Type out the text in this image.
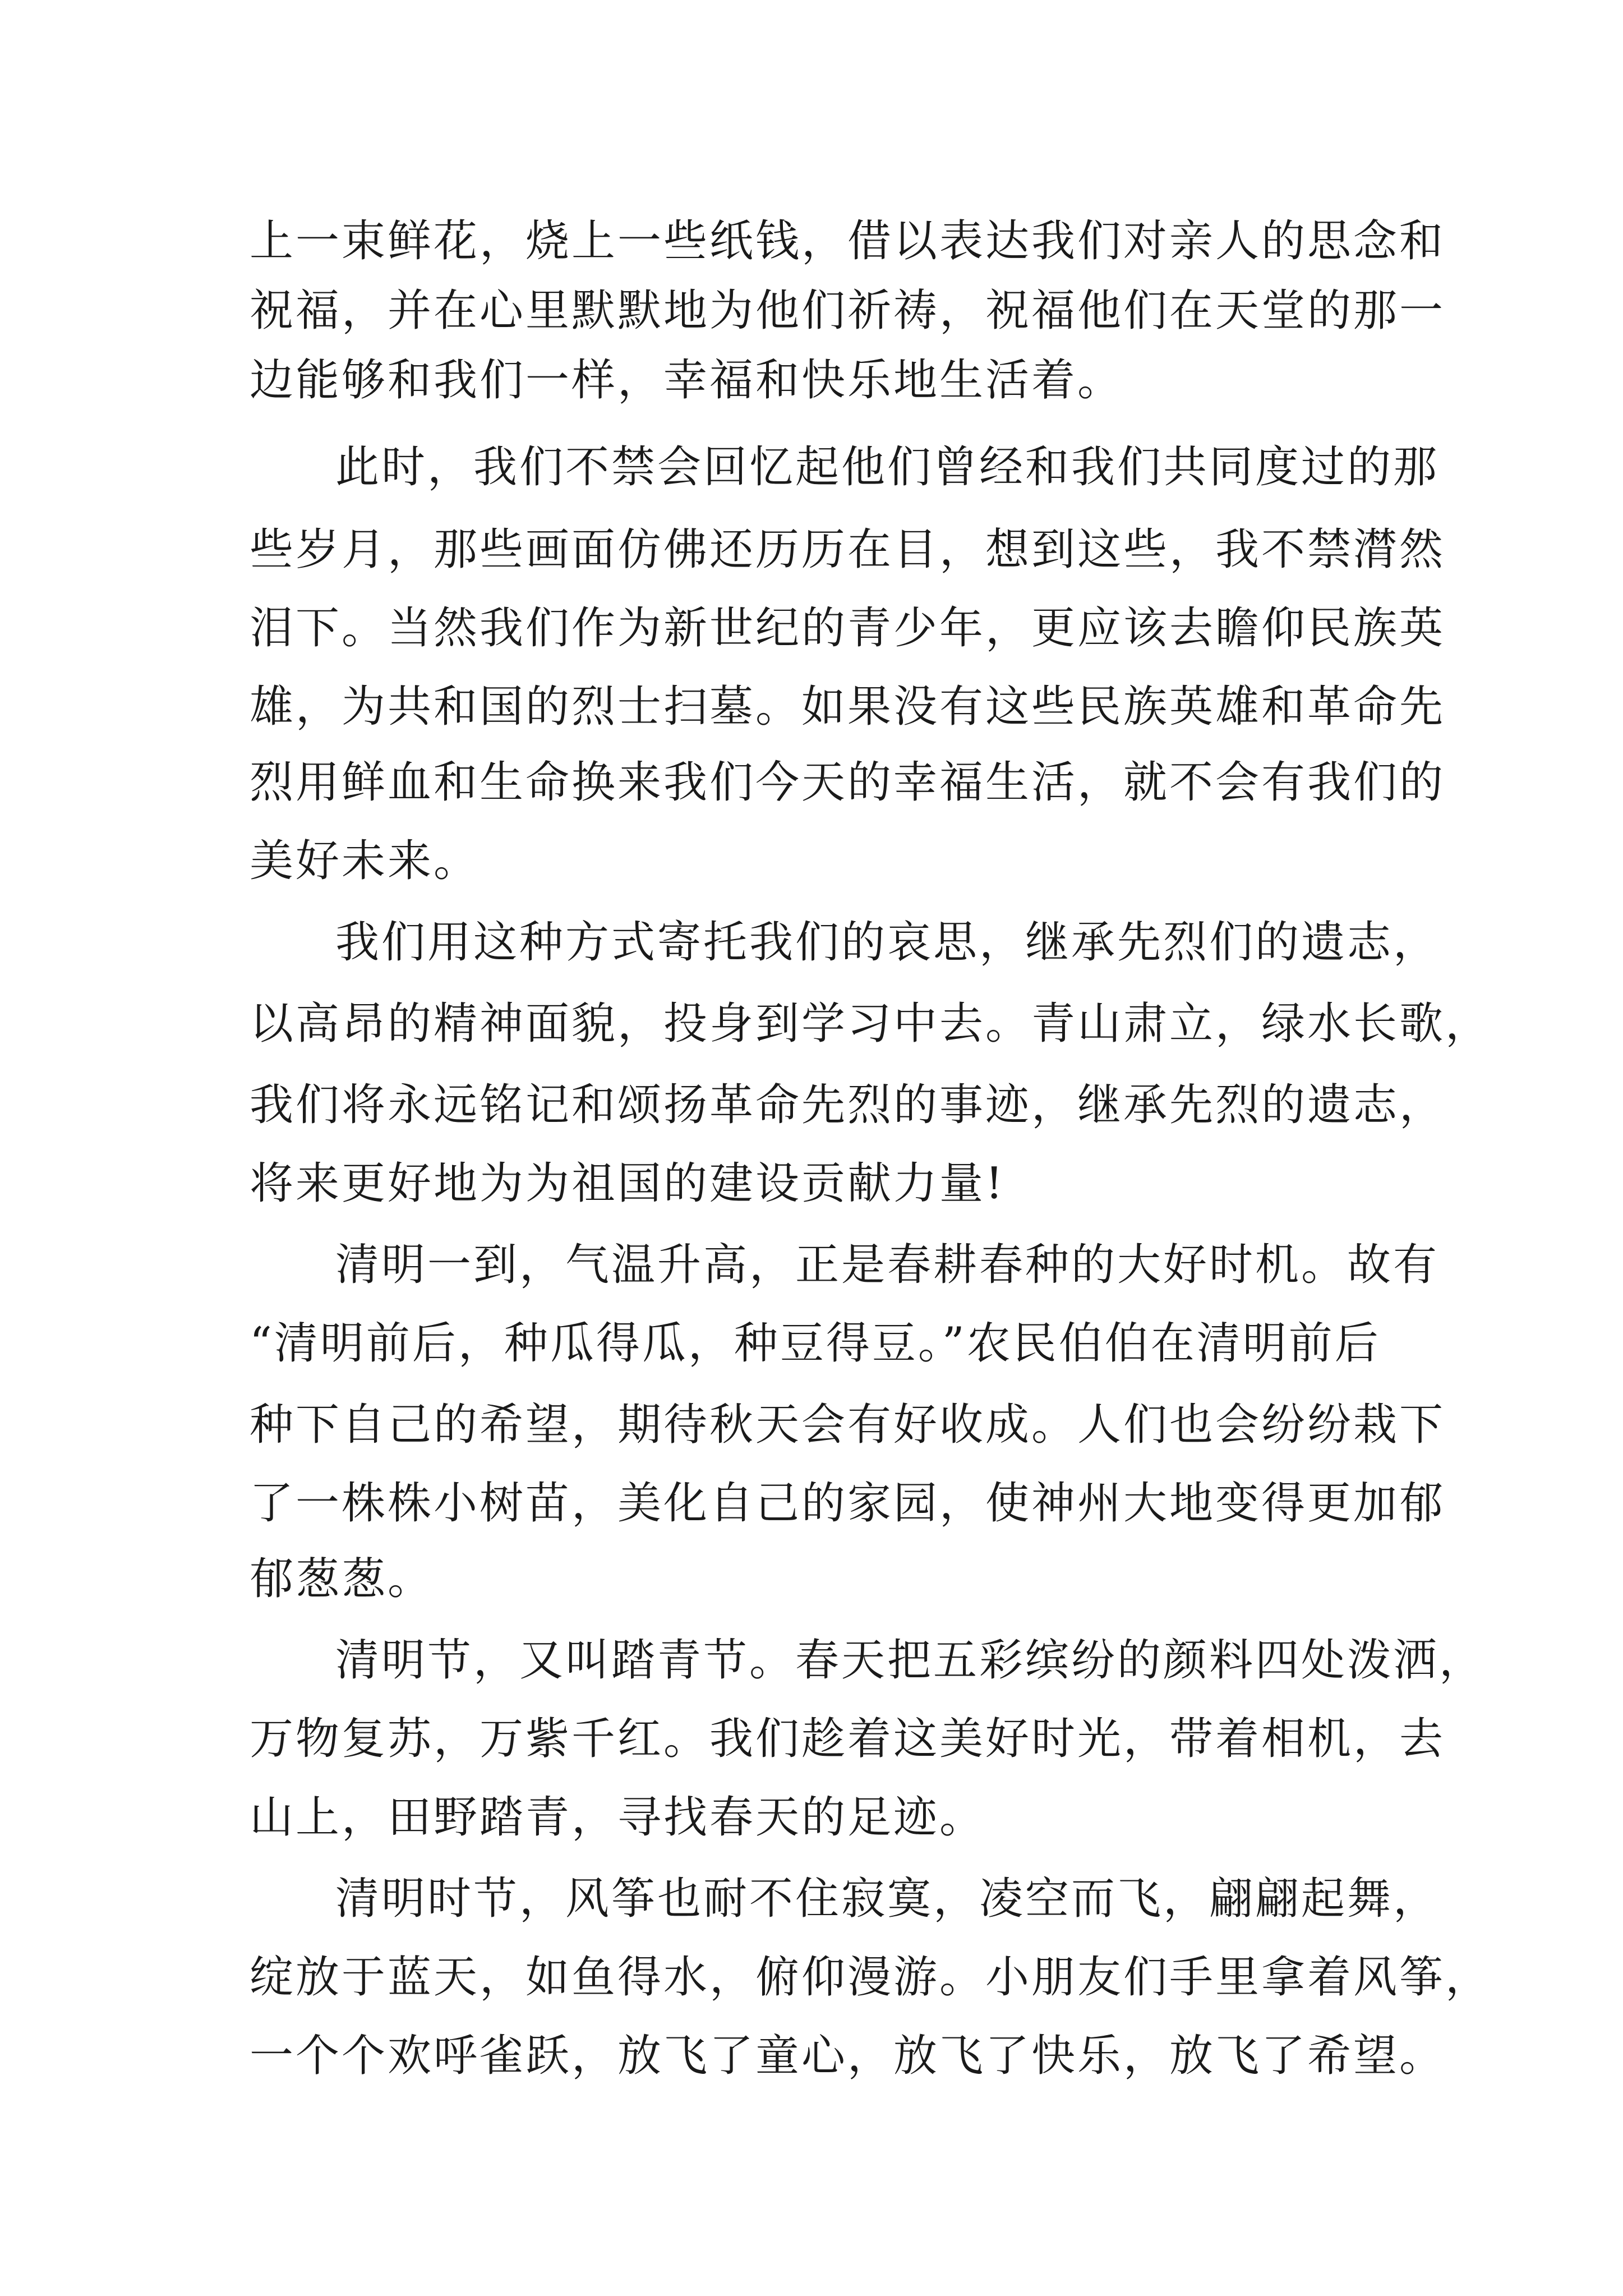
上一束鲜花，烧上一些纸钱，借以表达我们对亲人的思念和
祝福，并在心里默默地为他们祈祷，祝福他们在天堂的那一
边能够和我们一样，幸福和快乐地生活着。
此时，我们不禁会回忆起他们曾经和我们共同度过的那
些岁月，那些画面仿佛还历历在目，想到这些，我不禁潸然
泪下。当然我们作为新世纪的青少年，更应该去瞻仰民族英
雄，为共和国的烈士扫墓。如果没有这些民族英雄和革命先
烈用鲜血和生命换来我们今天的幸福生活，就不会有我们的
美好未来。
我们用这种方式寄托我们的哀思，继承先烈们的遗志，
以高昂的精神面貌，投身到学习中去。青山肃立，绿水长歌，
我们将永远铭记和颂扬革命先烈的事迹，继承先烈的遗志，
将来更好地为为祖国的建设贡献力量!
清明一到，气温升高，正是春耕春种的大好时机。故有
“清明前后，种瓜得瓜，种豆得豆。”农民伯伯在清明前后
种下自己的希望，期待秋天会有好收成。人们也会纷纷栽下
了一株株小树苗，美化自己的家园，使神州大地变得更加郁
郁葱葱。
清明节，又叫踏青节。春天把五彩缤纷的颜料四处泼洒，
万物复苏，万紫千红。我们趁着这美好时光，带着相机，去
山上，田野踏青，寻找春天的足迹。
清明时节，风筝也耐不住寂寞，凌空而飞，翩翩起舞，
绽放于蓝天，如鱼得水，俯仰漫游。小朋友们手里拿着风筝，
一个个欢呼雀跃，放飞了童心，放飞了快乐，放飞了希望。
